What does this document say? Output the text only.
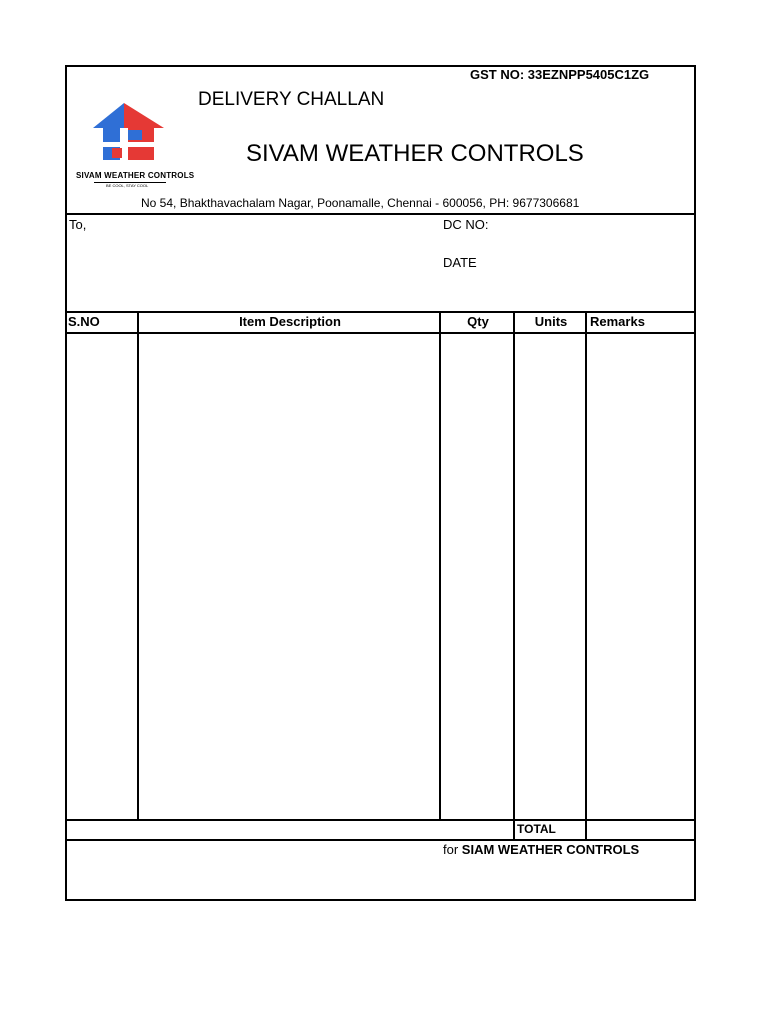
GST NO: 33EZNPP5405C1ZG
DELIVERY CHALLAN
SIVAM WEATHER CONTROLS
No 54, Bhakthavachalam Nagar, Poonamalle, Chennai - 600056, PH: 9677306681
SIVAM WEATHER CONTROLS
BE COOL, STAY COOL
To,	DC NO:
DATE
S.NO	Item Description	Qty	Units	Remarks
TOTAL
for SIAM WEATHER CONTROLS
